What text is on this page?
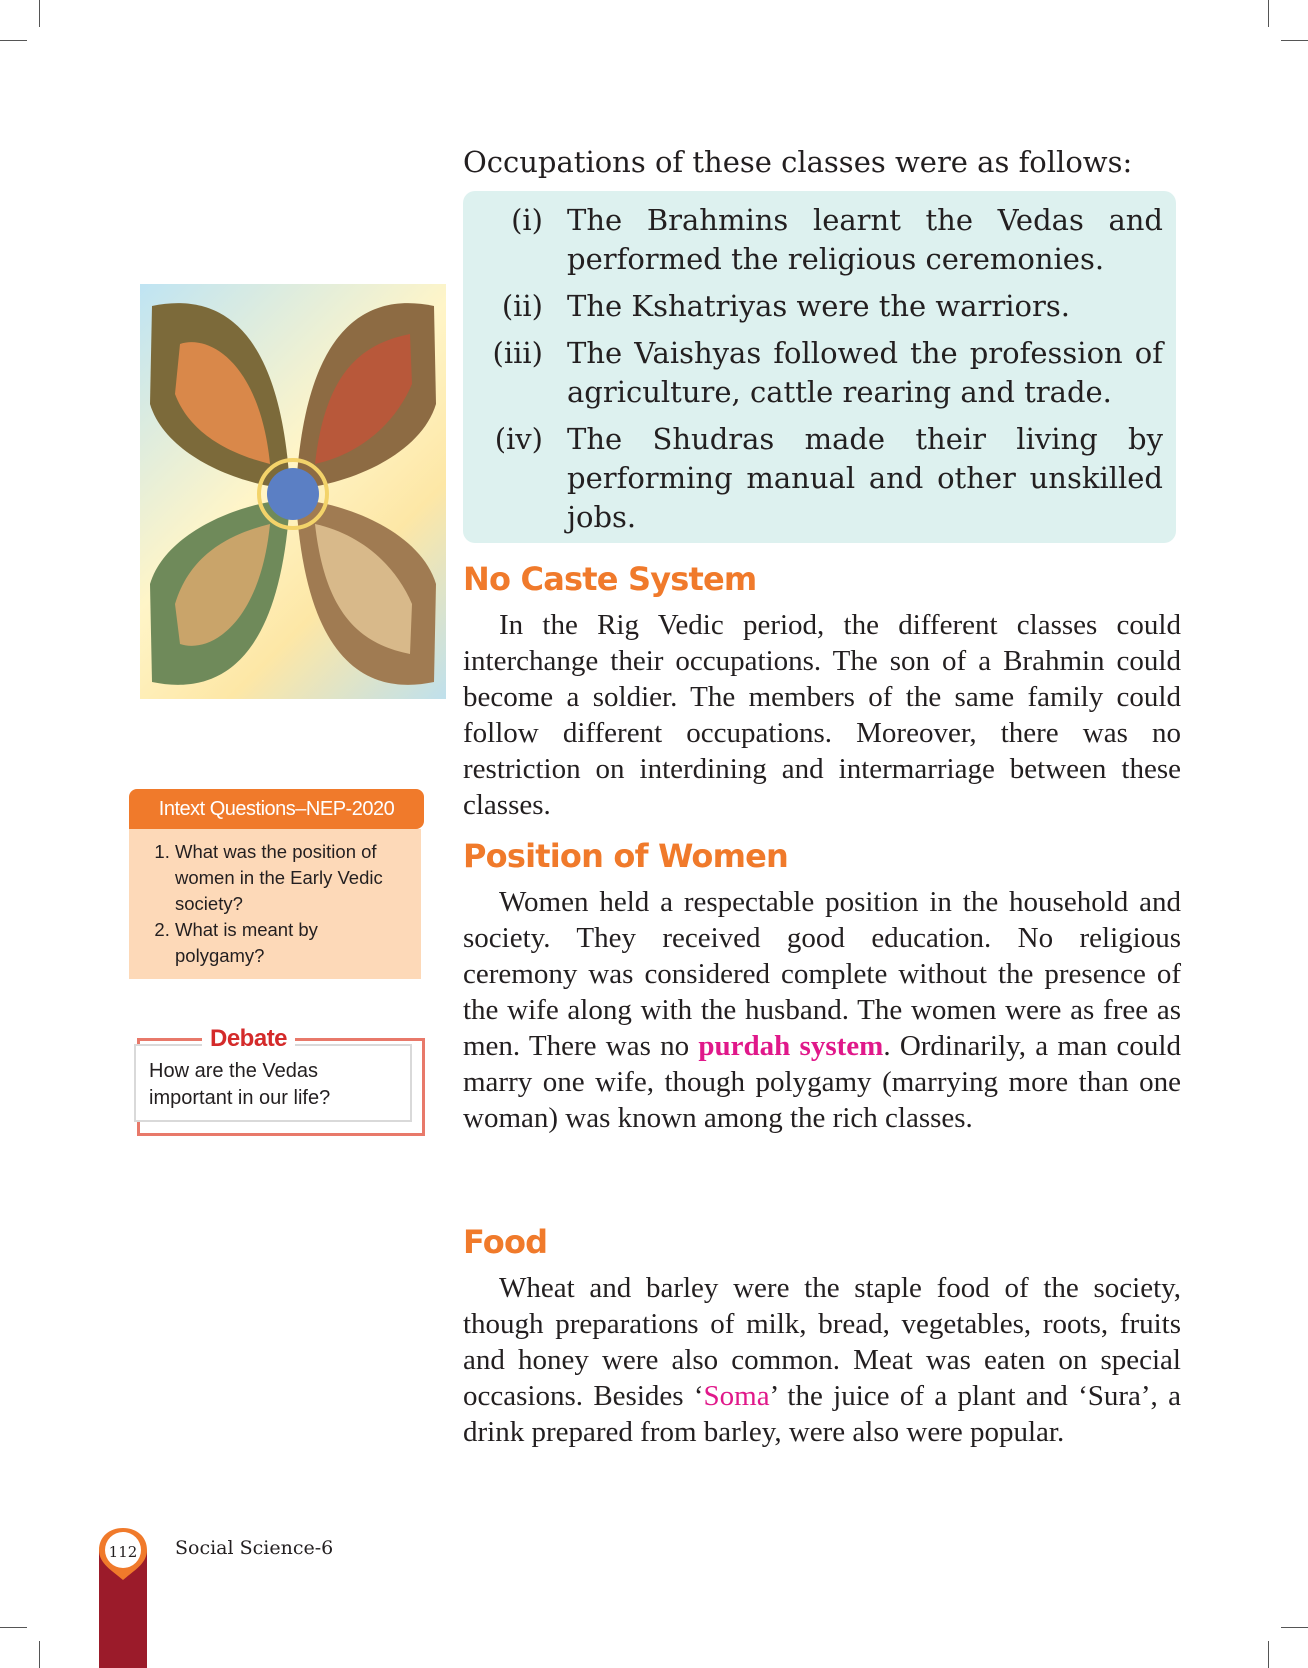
Occupations of these classes were as follows:

(i) The Brahmins learnt the Vedas and performed the religious ceremonies.
(ii) The Kshatriyas were the warriors.
(iii) The Vaishyas followed the profession of agriculture, cattle rearing and trade.
(iv) The Shudras made their living by performing manual and other unskilled jobs.
No Caste System

In the Rig Vedic period, the different classes could interchange their occupations. The son of a Brahmin could become a soldier. The members of the same family could follow different occupations. Moreover, there was no restriction on interdining and intermarriage between these classes.

Position of Women

Women held a respectable position in the household and society. They received good education. No religious ceremony was considered complete without the presence of the wife along with the husband. The women were as free as men. There was no purdah system. Ordinarily, a man could marry one wife, though polygamy (marrying more than one woman) was known among the rich classes.

Food

Wheat and barley were the staple food of the society, though preparations of milk, bread, vegetables, roots, fruits and honey were also common. Meat was eaten on special occasions. Besides ‘Soma’ the juice of a plant and ‘Sura’, a drink prepared from barley, were also were popular.

Intext Questions–NEP-2020
1. What was the position of women in the Early Vedic society?
2. What is meant by polygamy?
How are the Vedas important in our life?
Debate
112	Social Science-6
